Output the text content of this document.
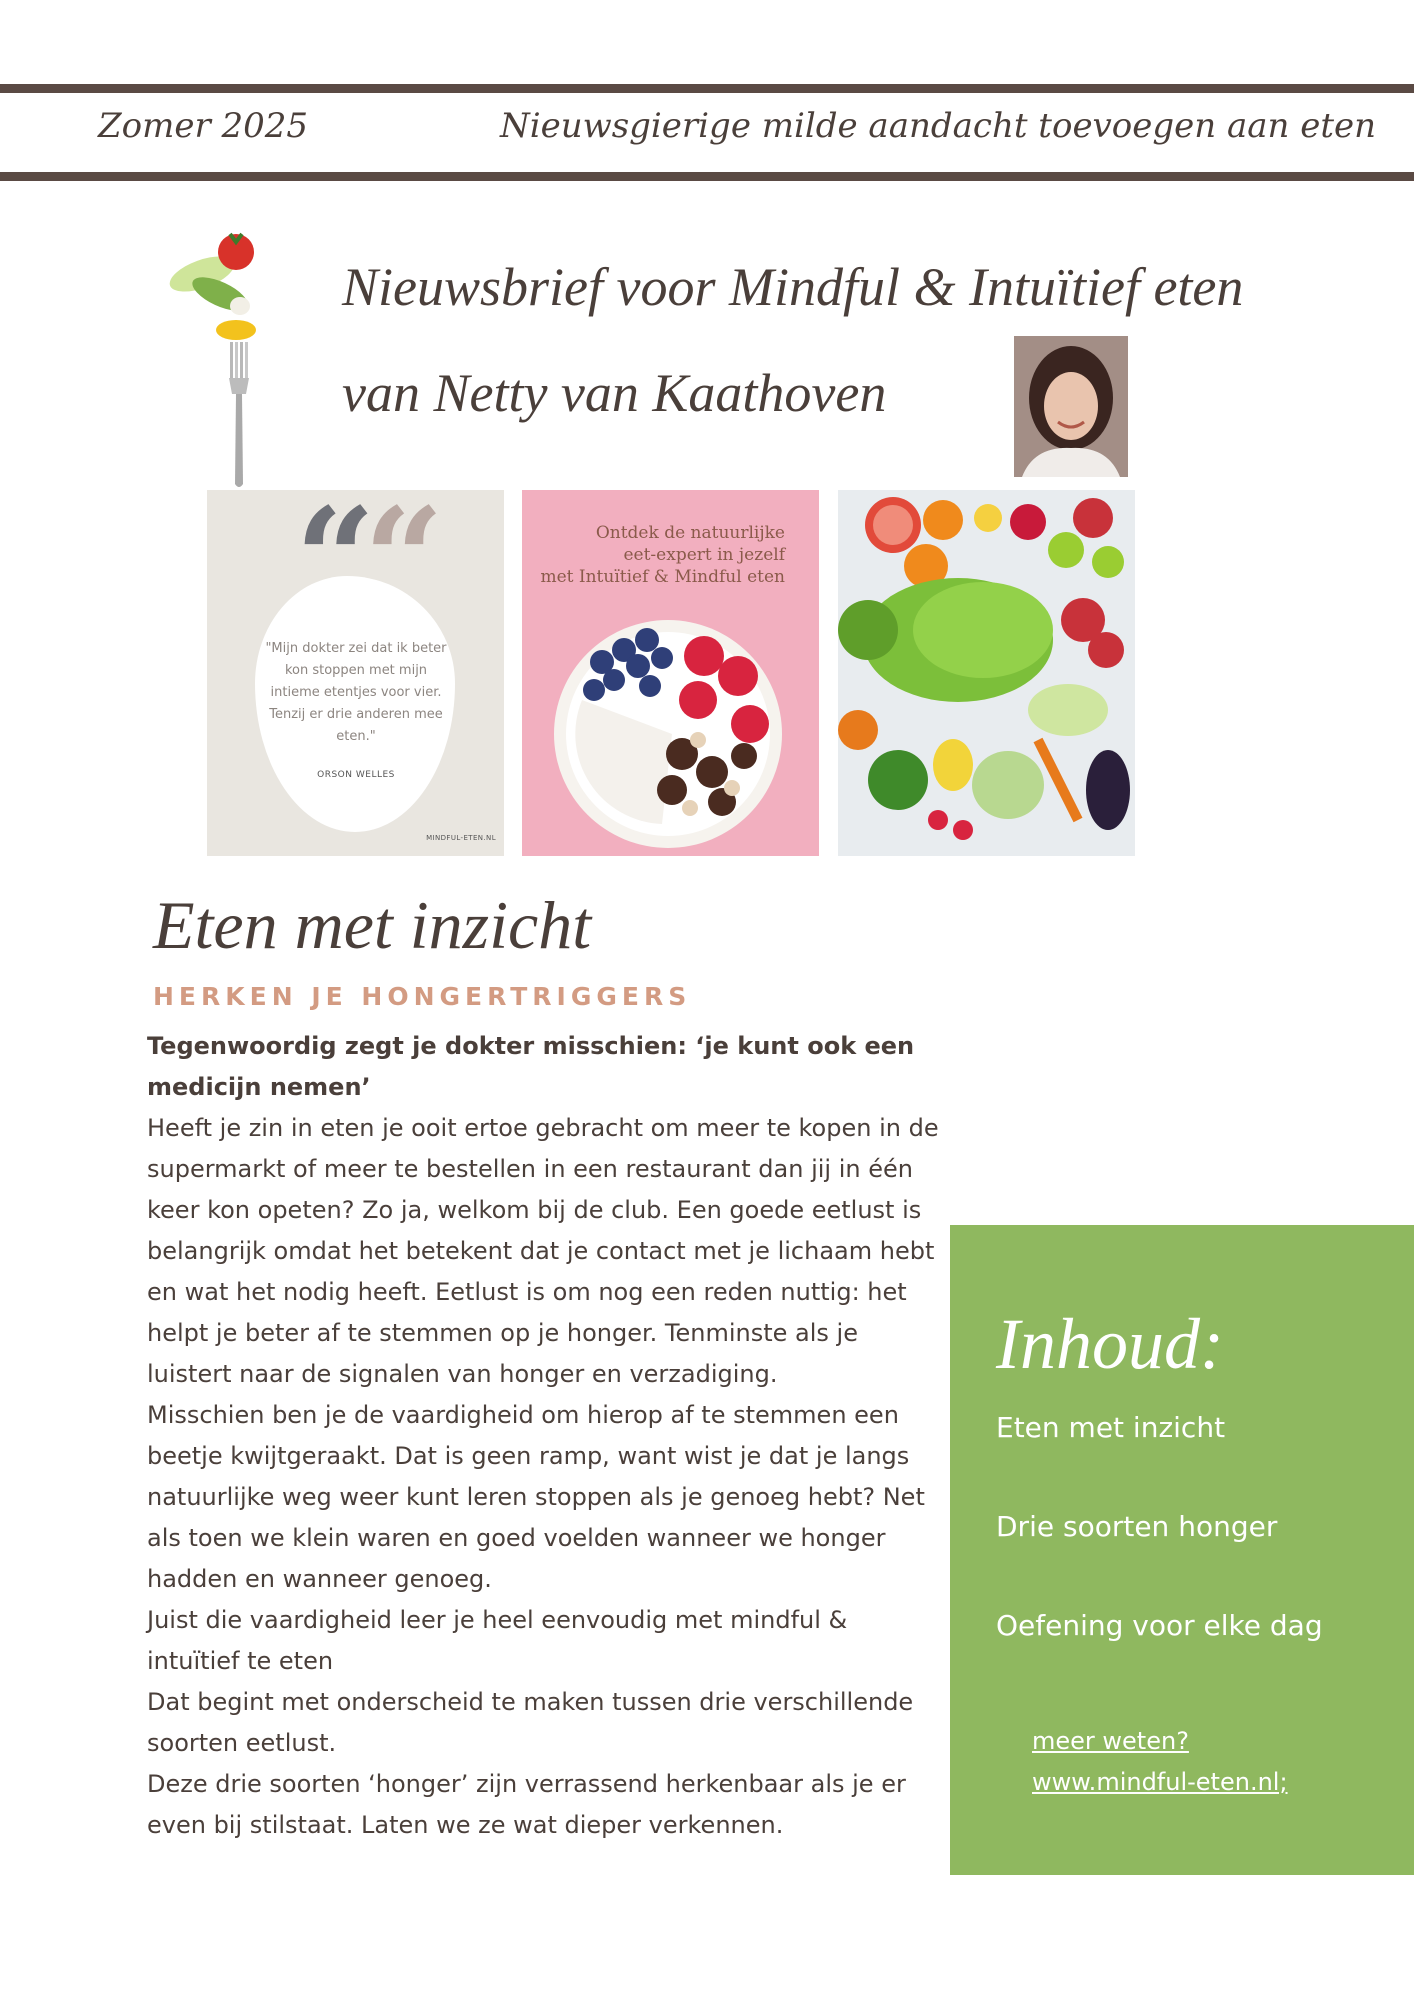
Zomer 2025	Nieuwsgierige milde aandacht toevoegen aan eten
Nieuwsbrief voor Mindful & Intuïtief eten
van Netty van Kaathoven
““
"Mijn dokter zei dat ik beter kon stoppen met mijn intieme etentjes voor vier. Tenzij er drie anderen mee eten."
ORSON WELLES
MINDFUL-ETEN.NL
Ontdek de natuurlijke
eet-expert in jezelf
met Intuïtief & Mindful eten
Eten met inzicht
HERKEN JE HONGERTRIGGERS

Tegenwoordig zegt je dokter misschien: ‘je kunt ook een medicijn nemen’

Heeft je zin in eten je ooit ertoe gebracht om meer te kopen in de supermarkt of meer te bestellen in een restaurant dan jij in één keer kon opeten? Zo ja, welkom bij de club. Een goede eetlust is belangrijk omdat het betekent dat je contact met je lichaam hebt en wat het nodig heeft. Eetlust is om nog een reden nuttig: het helpt je beter af te stemmen op je honger. Tenminste als je luistert naar de signalen van honger en verzadiging.

Misschien ben je de vaardigheid om hierop af te stemmen een beetje kwijtgeraakt. Dat is geen ramp, want wist je dat je langs natuurlijke weg weer kunt leren stoppen als je genoeg hebt? Net als toen we klein waren en goed voelden wanneer we honger hadden en wanneer genoeg.

Juist die vaardigheid leer je heel eenvoudig met mindful & intuïtief te eten

Dat begint met onderscheid te maken tussen drie verschillende soorten eetlust.

Deze drie soorten ‘honger’ zijn verrassend herkenbaar als je er even bij stilstaat. Laten we ze wat dieper verkennen.

Inhoud:
Eten met inzicht
Drie soorten honger
Oefening voor elke dag
meer weten?
www.mindful-eten.nl;
